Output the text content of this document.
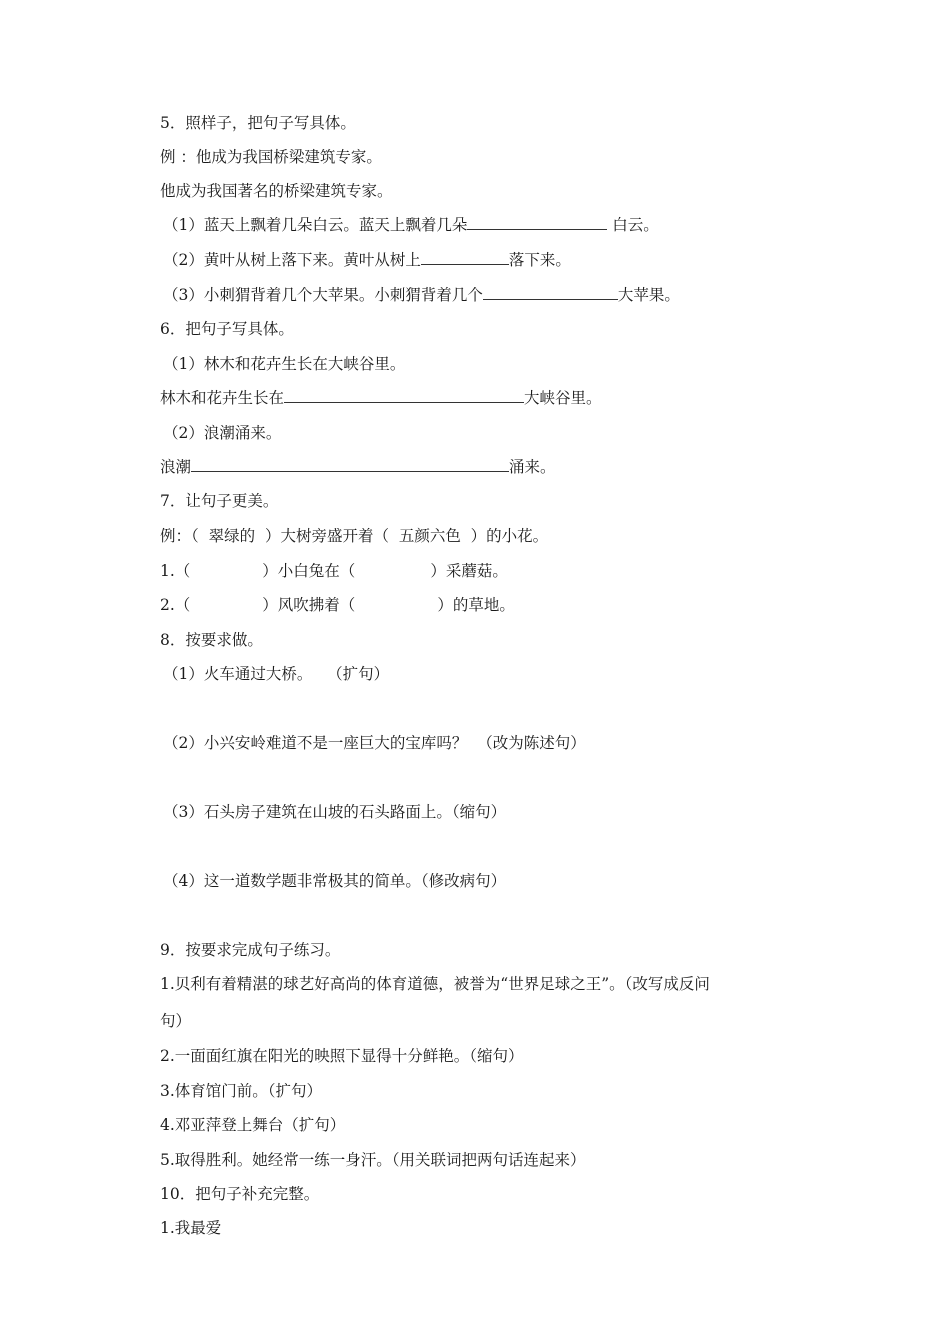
5．照样子，把句子写具体。
例 ：他成为我国桥梁建筑专家。
他成为我国著名的桥梁建筑专家。
（1）蓝天上飘着几朵白云。蓝天上飘着几朵	白云。
（2）黄叶从树上落下来。黄叶从树上	落下来。
（3）小刺猬背着几个大苹果。小刺猬背着几个	大苹果。
6．把句子写具体。
（1）林木和花卉生长在大峡谷里。
林木和花卉生长在	大峡谷里。
（2）浪潮涌来。
浪潮	涌来。
7．让句子更美。
例：（  翠绿的  ）大树旁盛开着（  五颜六色  ）的小花。
1.（	）小白兔在（	）采蘑菇。
2.（	）风吹拂着（	）的草地。
8．按要求做。
（1）火车通过大桥。   （扩句）
（2）小兴安岭难道不是一座巨大的宝库吗？  （改为陈述句）
（3）石头房子建筑在山坡的石头路面上。（缩句）
（4）这一道数学题非常极其的简单。（修改病句）
9．按要求完成句子练习。
1.贝利有着精湛的球艺好高尚的体育道德，被誉为“世界足球之王”。（改写成反问
句）
2.一面面红旗在阳光的映照下显得十分鲜艳。（缩句）
3.体育馆门前。（扩句）
4.邓亚萍登上舞台（扩句）
5.取得胜利。她经常一练一身汗。（用关联词把两句话连起来）
10．把句子补充完整。
1.我最爱
